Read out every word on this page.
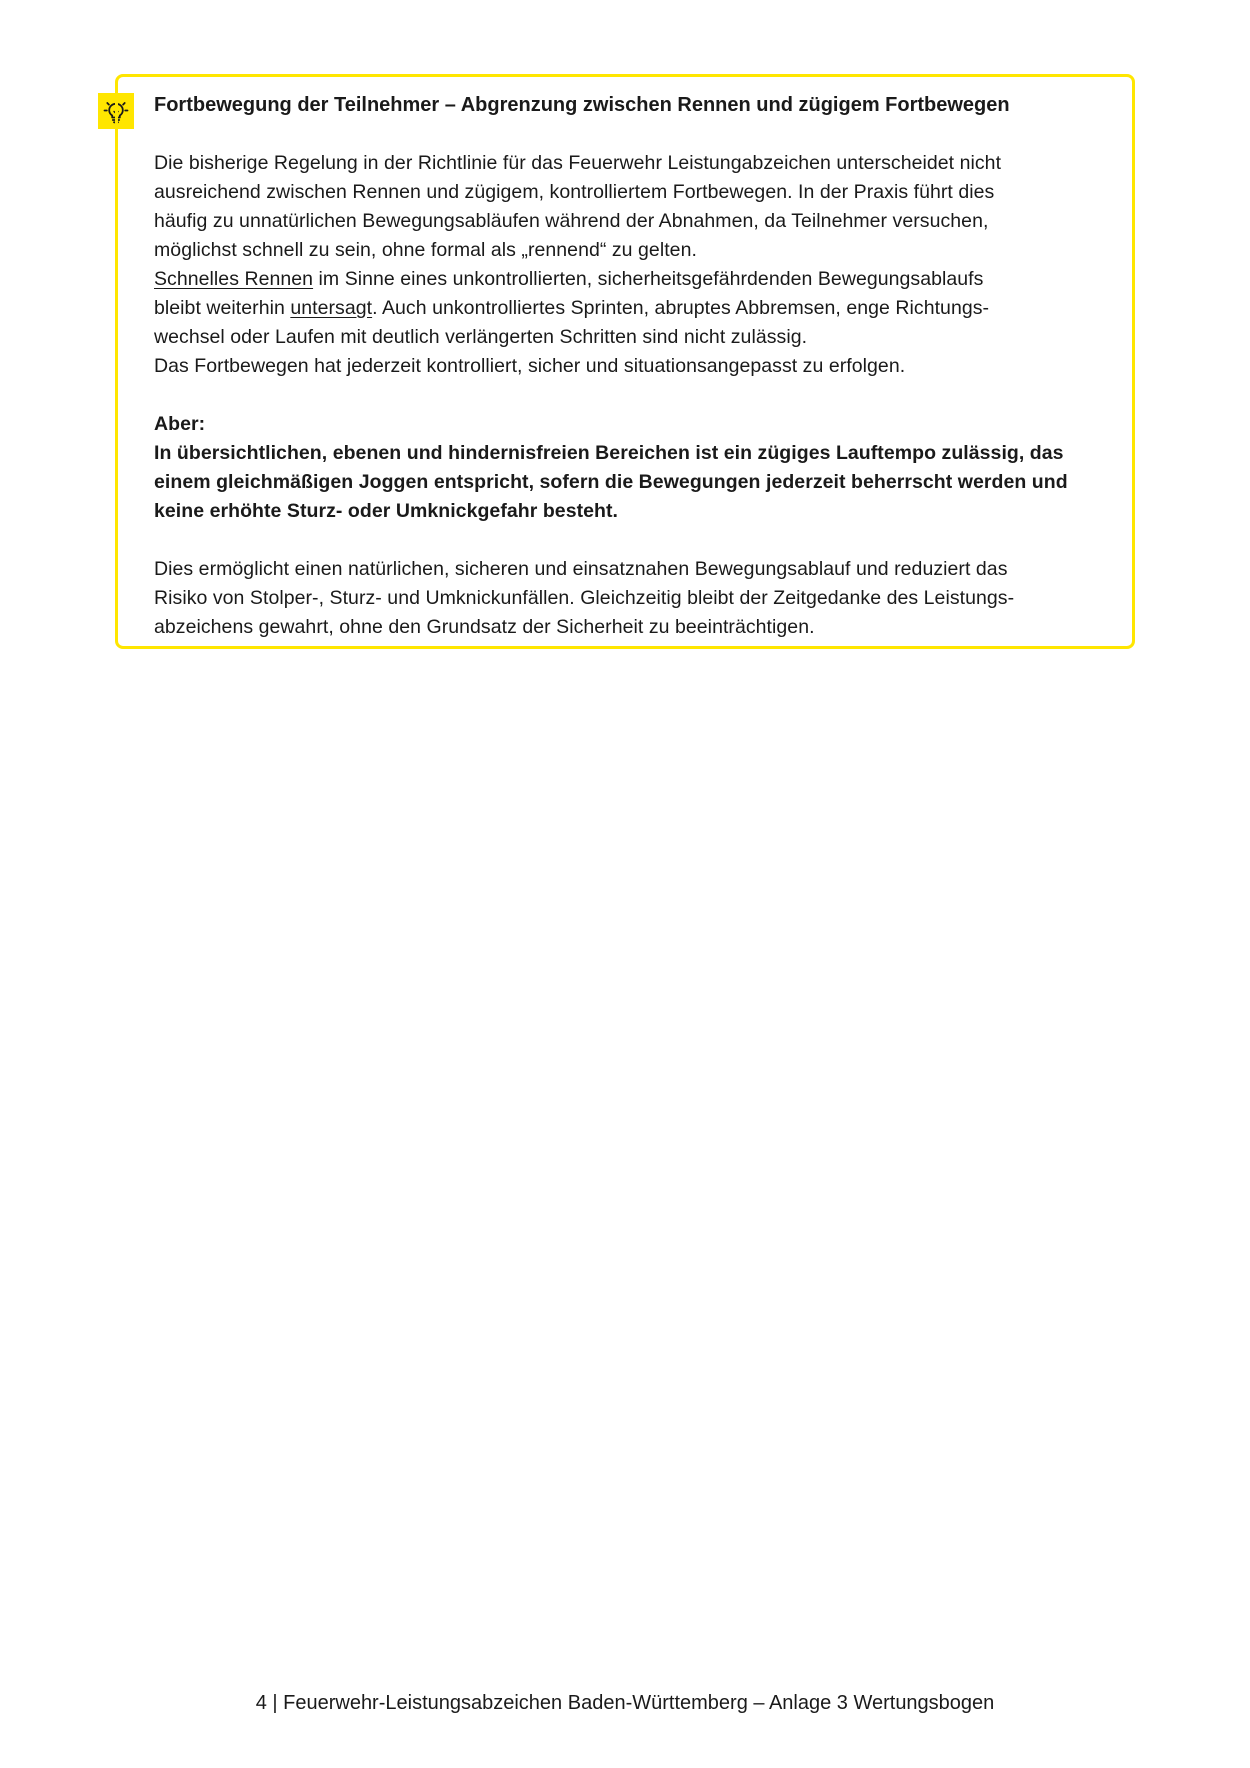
Fortbewegung der Teilnehmer – Abgrenzung zwischen Rennen und zügigem Fortbewegen

Die bisherige Regelung in der Richtlinie für das Feuerwehr Leistungabzeichen unterscheidet nicht
ausreichend zwischen Rennen und zügigem, kontrolliertem Fortbewegen. In der Praxis führt dies
häufig zu unnatürlichen Bewegungsabläufen während der Abnahmen, da Teilnehmer versuchen,
möglichst schnell zu sein, ohne formal als „rennend“ zu gelten.
Schnelles Rennen im Sinne eines unkontrollierten, sicherheitsgefährdenden Bewegungsablaufs
bleibt weiterhin untersagt. Auch unkontrolliertes Sprinten, abruptes Abbremsen, enge Richtungs-
wechsel oder Laufen mit deutlich verlängerten Schritten sind nicht zulässig.
Das Fortbewegen hat jederzeit kontrolliert, sicher und situationsangepasst zu erfolgen.

Aber:
In übersichtlichen, ebenen und hindernisfreien Bereichen ist ein zügiges Lauftempo zulässig, das
einem gleichmäßigen Joggen entspricht, sofern die Bewegungen jederzeit beherrscht werden und
keine erhöhte Sturz- oder Umknickgefahr besteht.

Dies ermöglicht einen natürlichen, sicheren und einsatznahen Bewegungsablauf und reduziert das
Risiko von Stolper-, Sturz- und Umknickunfällen. Gleichzeitig bleibt der Zeitgedanke des Leistungs-
abzeichens gewahrt, ohne den Grundsatz der Sicherheit zu beeinträchtigen.

4 | Feuerwehr-Leistungsabzeichen Baden-Württemberg – Anlage 3 Wertungsbogen
